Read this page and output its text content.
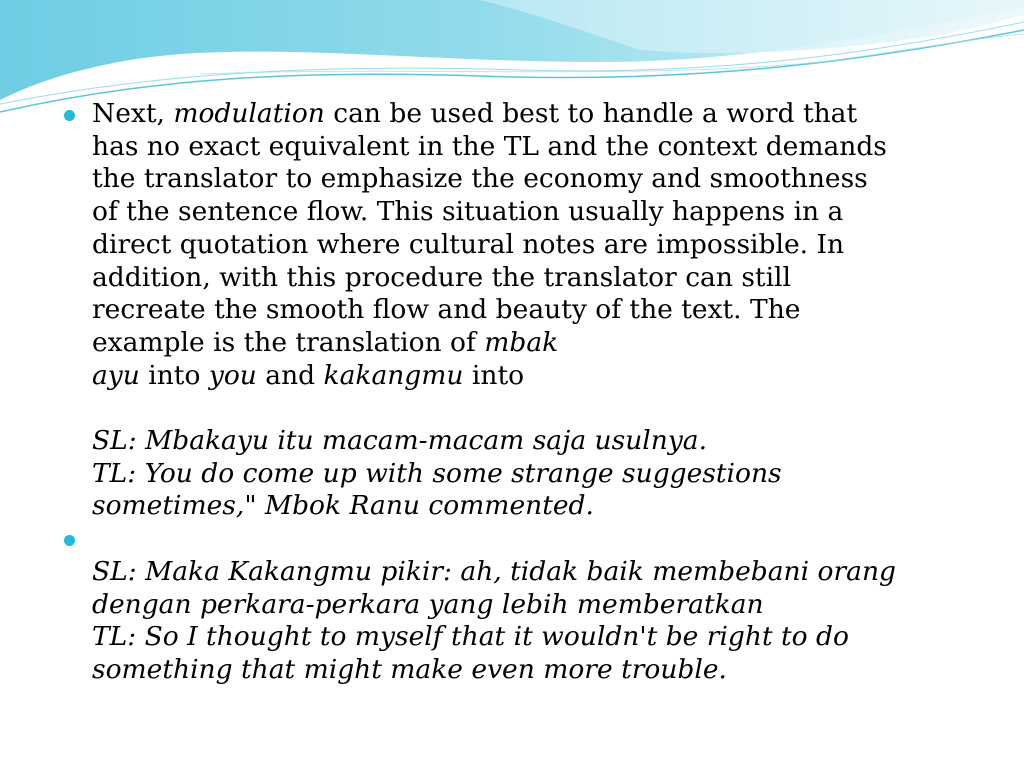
Next, modulation can be used best to handle a word that
has no exact equivalent in the TL and the context demands
the translator to emphasize the economy and smoothness
of the sentence flow. This situation usually happens in a
direct quotation where cultural notes are impossible. In
addition, with this procedure the translator can still
recreate the smooth flow and beauty of the text. The
example is the translation of mbak
ayu into you and kakangmu into
SL: Mbakayu itu macam-macam saja usulnya.
TL: You do come up with some strange suggestions
sometimes," Mbok Ranu commented.
SL: Maka Kakangmu pikir: ah, tidak baik membebani orang
dengan perkara-perkara yang lebih memberatkan
TL: So I thought to myself that it wouldn't be right to do
something that might make even more trouble.
